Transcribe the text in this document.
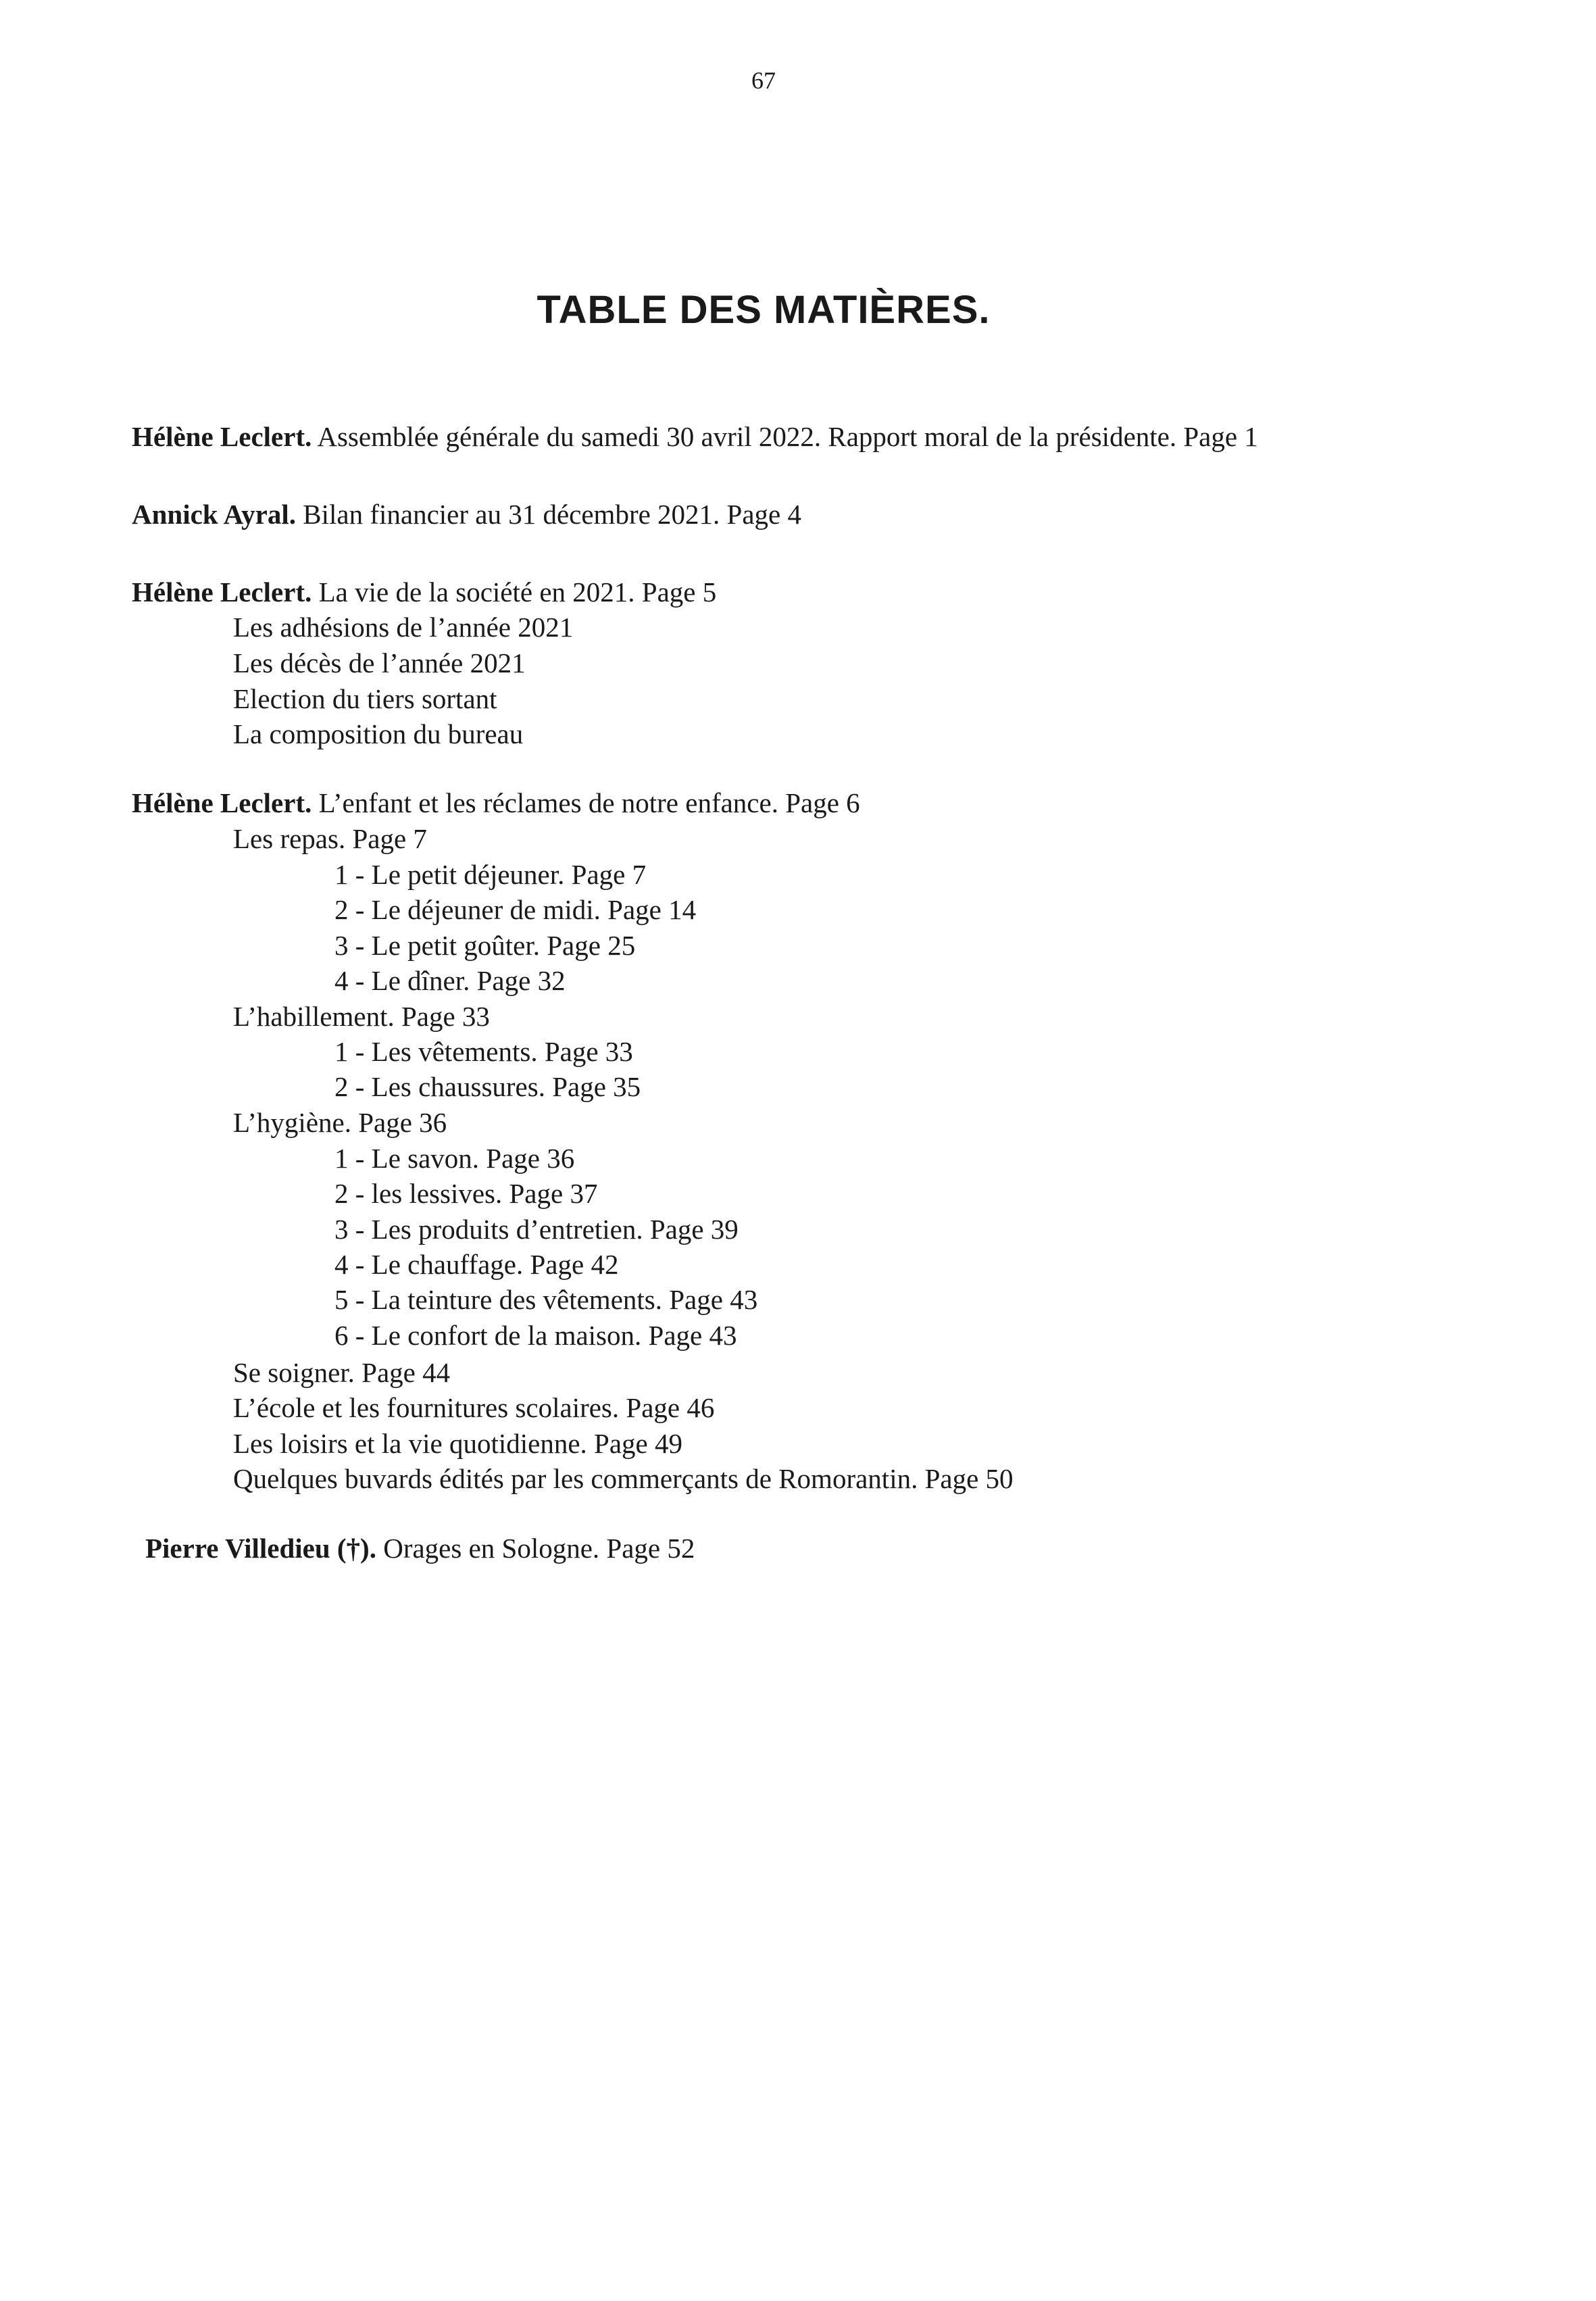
67
TABLE DES MATIÈRES.
Hélène Leclert. Assemblée générale du samedi 30 avril 2022. Rapport moral de la présidente. Page 1
Annick Ayral. Bilan financier au 31 décembre 2021. Page 4
Hélène Leclert. La vie de la société en 2021. Page 5
Les adhésions de l’année 2021
Les décès de l’année 2021
Election du tiers sortant
La composition du bureau
Hélène Leclert. L’enfant et les réclames de notre enfance. Page 6
Les repas. Page 7
1 - Le petit déjeuner. Page 7
2 - Le déjeuner de midi. Page 14
3 - Le petit goûter. Page 25
4 - Le dîner. Page 32
L’habillement. Page 33
1 - Les vêtements. Page 33
2 - Les chaussures. Page 35
L’hygiène. Page 36
1 - Le savon. Page 36
2 - les lessives. Page 37
3 - Les produits d’entretien. Page 39
4 - Le chauffage. Page 42
5 - La teinture des vêtements. Page 43
6 - Le confort de la maison. Page 43
Se soigner. Page 44
L’école et les fournitures scolaires. Page 46
Les loisirs et la vie quotidienne. Page 49
Quelques buvards édités par les commerçants de Romorantin. Page 50
Pierre Villedieu (†). Orages en Sologne. Page 52
